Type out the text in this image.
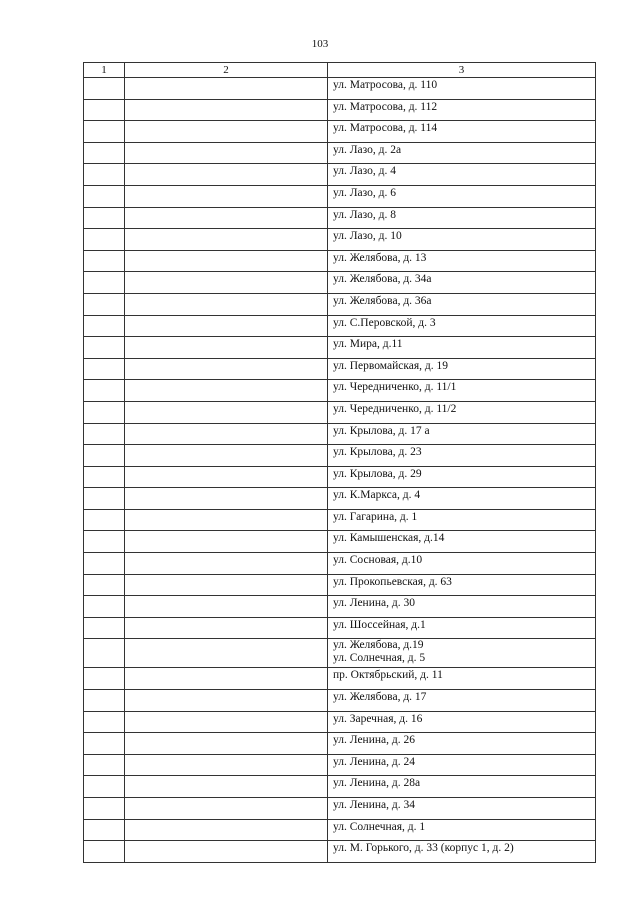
103
1	2	3
		ул. Матросова, д. 110
		ул. Матросова, д. 112
		ул. Матросова, д. 114
		ул. Лазо, д. 2а
		ул. Лазо, д. 4
		ул. Лазо, д. 6
		ул. Лазо, д. 8
		ул. Лазо, д. 10
		ул. Желябова, д. 13
		ул. Желябова, д. 34а
		ул. Желябова, д. 36а
		ул. С.Перовской, д. 3
		ул. Мира, д.11
		ул. Первомайская, д. 19
		ул. Чередниченко, д. 11/1
		ул. Чередниченко, д. 11/2
		ул. Крылова, д. 17 а
		ул. Крылова, д. 23
		ул. Крылова, д. 29
		ул. К.Маркса, д. 4
		ул. Гагарина, д. 1
		ул. Камышенская, д.14
		ул. Сосновая, д.10
		ул. Прокопьевская, д. 63
		ул. Ленина, д. 30
		ул. Шоссейная, д.1
		ул. Желябова, д.19
ул. Солнечная, д. 5
		пр. Октябрьский, д. 11
		ул. Желябова, д. 17
		ул. Заречная, д. 16
		ул. Ленина, д. 26
		ул. Ленина, д. 24
		ул. Ленина, д. 28а
		ул. Ленина, д. 34
		ул. Солнечная, д. 1
		ул. М. Горького, д. 33 (корпус 1, д. 2)
